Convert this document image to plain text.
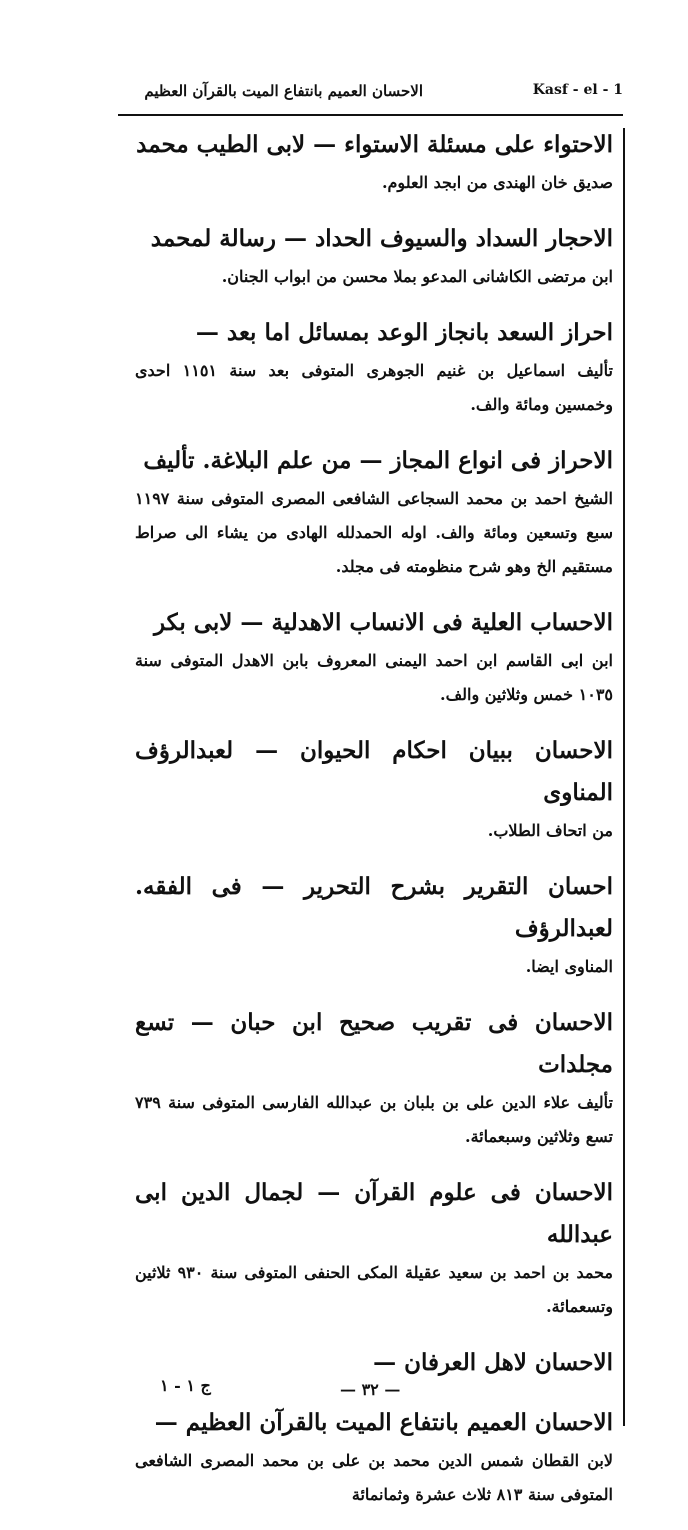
الاحسان العميم بانتفاع الميت بالقرآن العظيم	Kasf - el - 1
الاحتواء على مسئلة الاستواء — لابى الطيب محمد
صديق خان الهندى من ابجد العلوم.
الاحجار السداد والسيوف الحداد — رسالة لمحمد
ابن مرتضى الكاشانى المدعو بملا محسن من ابواب الجنان.
احراز السعد بانجاز الوعد بمسائل اما بعد —
تأليف اسماعيل بن غنيم الجوهرى المتوفى بعد سنة ١١٥١ احدى وخمسين ومائة والف.
الاحراز فى انواع المجاز — من علم البلاغة. تأليف
الشيخ احمد بن محمد السجاعى الشافعى المصرى المتوفى سنة ١١٩٧ سبع وتسعين ومائة والف. اوله الحمدلله الهادى من يشاء الى صراط مستقيم الخ وهو شرح منظومته فى مجلد.
الاحساب العلية فى الانساب الاهدلية — لابى بكر
ابن ابى القاسم ابن احمد اليمنى المعروف بابن الاهدل المتوفى سنة ١٠٣٥ خمس وثلاثين والف.
الاحسان ببيان احكام الحيوان — لعبدالرؤف المناوى
من اتحاف الطلاب.
احسان التقرير بشرح التحرير — فى الفقه. لعبدالرؤف
المناوى ايضا.
الاحسان فى تقريب صحيح ابن حبان — تسع مجلدات
تأليف علاء الدين على بن بلبان بن عبدالله الفارسى المتوفى سنة ٧٣٩ تسع وثلاثين وسبعمائة.
الاحسان فى علوم القرآن — لجمال الدين ابى عبدالله
محمد بن احمد بن سعيد عقيلة المكى الحنفى المتوفى سنة ٩٣٠ ثلاثين وتسعمائة.
الاحسان لاهل العرفان —
الاحسان العميم بانتفاع الميت بالقرآن العظيم —
لابن القطان شمس الدين محمد بن على بن محمد المصرى الشافعى المتوفى سنة ٨١٣ ثلاث عشرة وثمانمائة
ج ١ - ١	— ٣٢ —
